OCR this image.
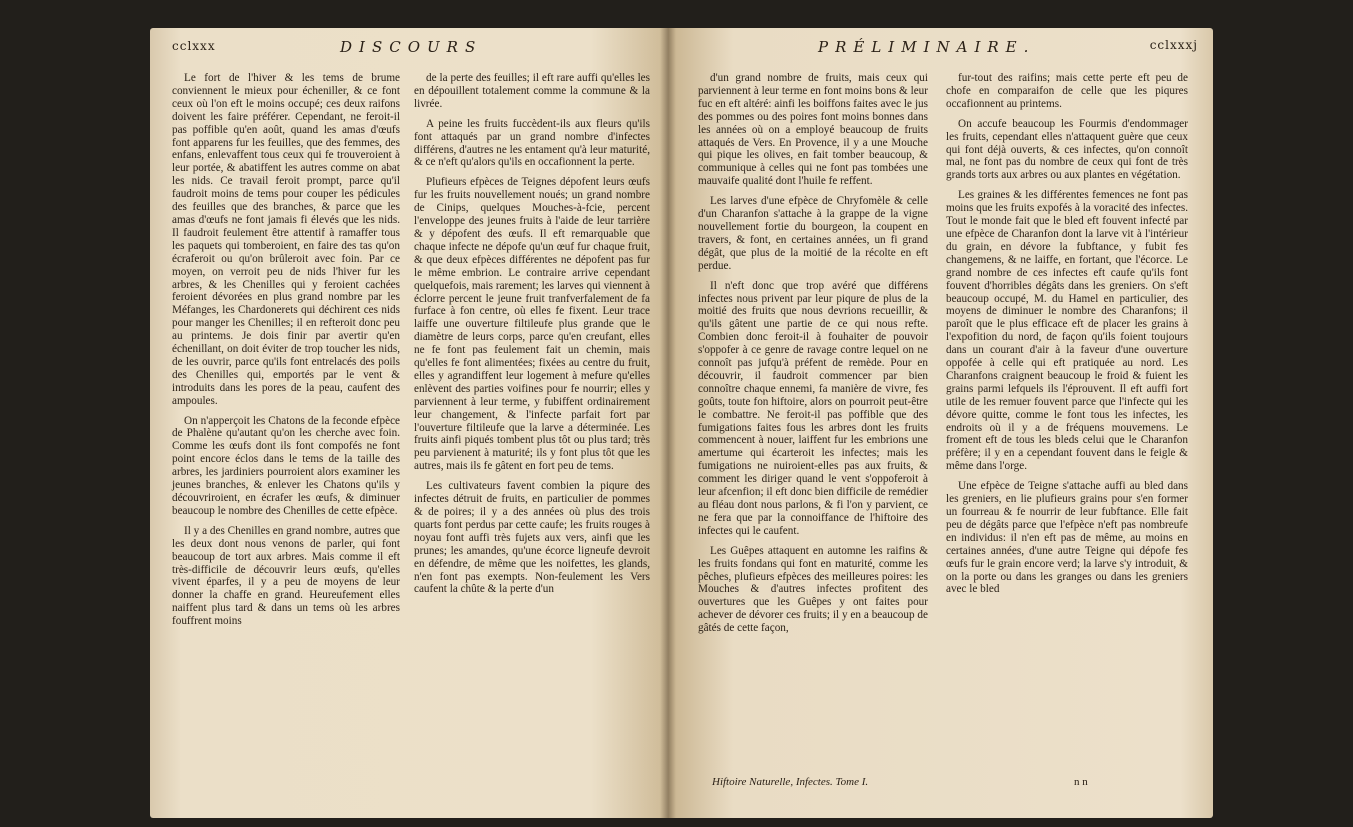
cclxxx	DISCOURS	PRÉLIMINAIRE.	cclxxxj

Le fort de l'hiver & les tems de brume conviennent le mieux pour écheniller, & ce font ceux où l'on eft le moins occupé; ces deux raifons doivent les faire préférer. Cependant, ne feroit-il pas poffible qu'en août, quand les amas d'œufs font apparens fur les feuilles, que des femmes, des enfans, enlevaffent tous ceux qui fe trouveroient à leur portée, & abatiffent les autres comme on abat les nids. Ce travail feroit prompt, parce qu'il faudroit moins de tems pour couper les pédicules des feuilles que des branches, & parce que les amas d'œufs ne font jamais fi élevés que les nids. Il faudroit feulement être attentif à ramaffer tous les paquets qui tomberoient, en faire des tas qu'on écraferoit ou qu'on brûleroit avec foin. Par ce moyen, on verroit peu de nids l'hiver fur les arbres, & les Chenilles qui y feroient cachées feroient dévorées en plus grand nombre par les Méfanges, les Chardonerets qui déchirent ces nids pour manger les Chenilles; il en refteroit donc peu au printems. Je dois finir par avertir qu'en échenillant, on doit éviter de trop toucher les nids, de les ouvrir, parce qu'ils font entrelacés des poils des Chenilles qui, emportés par le vent & introduits dans les pores de la peau, caufent des ampoules.

On n'apperçoit les Chatons de la feconde efpèce de Phalène qu'autant qu'on les cherche avec foin. Comme les œufs dont ils font compofés ne font point encore éclos dans le tems de la taille des arbres, les jardiniers pourroient alors examiner les jeunes branches, & enlever les Chatons qu'ils y découvriroient, en écrafer les œufs, & diminuer beaucoup le nombre des Chenilles de cette efpèce.

Il y a des Chenilles en grand nombre, autres que les deux dont nous venons de parler, qui font beaucoup de tort aux arbres. Mais comme il eft très-difficile de découvrir leurs œufs, qu'elles vivent éparfes, il y a peu de moyens de leur donner la chaffe en grand. Heureufement elles naiffent plus tard & dans un tems où les arbres fouffrent moins

de la perte des feuilles; il eft rare auffi qu'elles les en dépouillent totalement comme la commune & la livrée.

A peine les fruits fuccèdent-ils aux fleurs qu'ils font attaqués par un grand nombre d'infectes différens, d'autres ne les entament qu'à leur maturité, & ce n'eft qu'alors qu'ils en occafionnent la perte.

Plufieurs efpèces de Teignes dépofent leurs œufs fur les fruits nouvellement noués; un grand nombre de Cinips, quelques Mouches-à-fcie, percent l'enveloppe des jeunes fruits à l'aide de leur tarrière & y dépofent des œufs. Il eft remarquable que chaque infecte ne dépofe qu'un œuf fur chaque fruit, & que deux efpèces différentes ne dépofent pas fur le même embrion. Le contraire arrive cependant quelquefois, mais rarement; les larves qui viennent à éclorre percent le jeune fruit tranfverfalement de fa furface à fon centre, où elles fe fixent. Leur trace laiffe une ouverture filtileufe plus grande que le diamètre de leurs corps, parce qu'en creufant, elles ne fe font pas feulement fait un chemin, mais qu'elles fe font alimentées; fixées au centre du fruit, elles y agrandiffent leur logement à mefure qu'elles enlèvent des parties voifines pour fe nourrir; elles y parviennent à leur terme, y fubiffent ordinairement leur changement, & l'infecte parfait fort par l'ouverture filtileufe que la larve a déterminée. Les fruits ainfi piqués tombent plus tôt ou plus tard; très peu parvienent à maturité; ils y font plus tôt que les autres, mais ils fe gâtent en fort peu de tems.

Les cultivateurs favent combien la piqure des infectes détruit de fruits, en particulier de pommes & de poires; il y a des années où plus des trois quarts font perdus par cette caufe; les fruits rouges à noyau font auffi très fujets aux vers, ainfi que les prunes; les amandes, qu'une écorce ligneufe devroit en défendre, de même que les noifettes, les glands, n'en font pas exempts. Non-feulement les Vers caufent la chûte & la perte d'un

d'un grand nombre de fruits, mais ceux qui parviennent à leur terme en font moins bons & leur fuc en eft altéré: ainfi les boiffons faites avec le jus des pommes ou des poires font moins bonnes dans les années où on a employé beaucoup de fruits attaqués de Vers. En Provence, il y a une Mouche qui pique les olives, en fait tomber beaucoup, & communique à celles qui ne font pas tombées une mauvaife qualité dont l'huile fe reffent.

Les larves d'une efpèce de Chryfomèle & celle d'un Charanfon s'attache à la grappe de la vigne nouvellement fortie du bourgeon, la coupent en travers, & font, en certaines années, un fi grand dégât, que plus de la moitié de la récolte en eft perdue.

Il n'eft donc que trop avéré que différens infectes nous privent par leur piqure de plus de la moitié des fruits que nous devrions recueillir, & qu'ils gâtent une partie de ce qui nous refte. Combien donc feroit-il à fouhaiter de pouvoir s'oppofer à ce genre de ravage contre lequel on ne connoît pas jufqu'à préfent de remède. Pour en découvrir, il faudroit commencer par bien connoître chaque ennemi, fa manière de vivre, fes goûts, toute fon hiftoire, alors on pourroit peut-être le combattre. Ne feroit-il pas poffible que des fumigations faites fous les arbres dont les fruits commencent à nouer, laiffent fur les embrions une amertume qui écarteroit les infectes; mais les fumigations ne nuiroient-elles pas aux fruits, & comment les diriger quand le vent s'oppoferoit à leur afcenfion; il eft donc bien difficile de remédier au fléau dont nous parlons, & fi l'on y parvient, ce ne fera que par la connoiffance de l'hiftoire des infectes qui le caufent.

Les Guêpes attaquent en automne les raifins & les fruits fondans qui font en maturité, comme les pêches, plufieurs efpèces des meilleures poires: les Mouches & d'autres infectes profitent des ouvertures que les Guêpes y ont faites pour achever de dévorer ces fruits; il y en a beaucoup de gâtés de cette façon,

fur-tout des raifins; mais cette perte eft peu de chofe en comparaifon de celle que les piqures occafionnent au printems.

On accufe beaucoup les Fourmis d'endommager les fruits, cependant elles n'attaquent guère que ceux qui font déjà ouverts, & ces infectes, qu'on connoît mal, ne font pas du nombre de ceux qui font de très grands torts aux arbres ou aux plantes en végétation.

Les graines & les différentes femences ne font pas moins que les fruits expofés à la voracité des infectes. Tout le monde fait que le bled eft fouvent infecté par une efpèce de Charanfon dont la larve vit à l'intérieur du grain, en dévore la fubftance, y fubit fes changemens, & ne laiffe, en fortant, que l'écorce. Le grand nombre de ces infectes eft caufe qu'ils font fouvent d'horribles dégâts dans les greniers. On s'eft beaucoup occupé, M. du Hamel en particulier, des moyens de diminuer le nombre des Charanfons; il paroît que le plus efficace eft de placer les grains à l'expofition du nord, de façon qu'ils foient toujours dans un courant d'air à la faveur d'une ouverture oppofée à celle qui eft pratiquée au nord. Les Charanfons craignent beaucoup le froid & fuient les grains parmi lefquels ils l'éprouvent. Il eft auffi fort utile de les remuer fouvent parce que l'infecte qui les dévore quitte, comme le font tous les infectes, les endroits où il y a de fréquens mouvemens. Le froment eft de tous les bleds celui que le Charanfon préfère; il y en a cependant fouvent dans le feigle & même dans l'orge.

Une efpèce de Teigne s'attache auffi au bled dans les greniers, en lie plufieurs grains pour s'en former un fourreau & fe nourrir de leur fubftance. Elle fait peu de dégâts parce que l'efpèce n'eft pas nombreufe en individus: il n'en eft pas de même, au moins en certaines années, d'une autre Teigne qui dépofe fes œufs fur le grain encore verd; la larve s'y introduit, & on la porte ou dans les granges ou dans les greniers avec le bled

Hiftoire Naturelle, Infectes. Tome I.	n n
